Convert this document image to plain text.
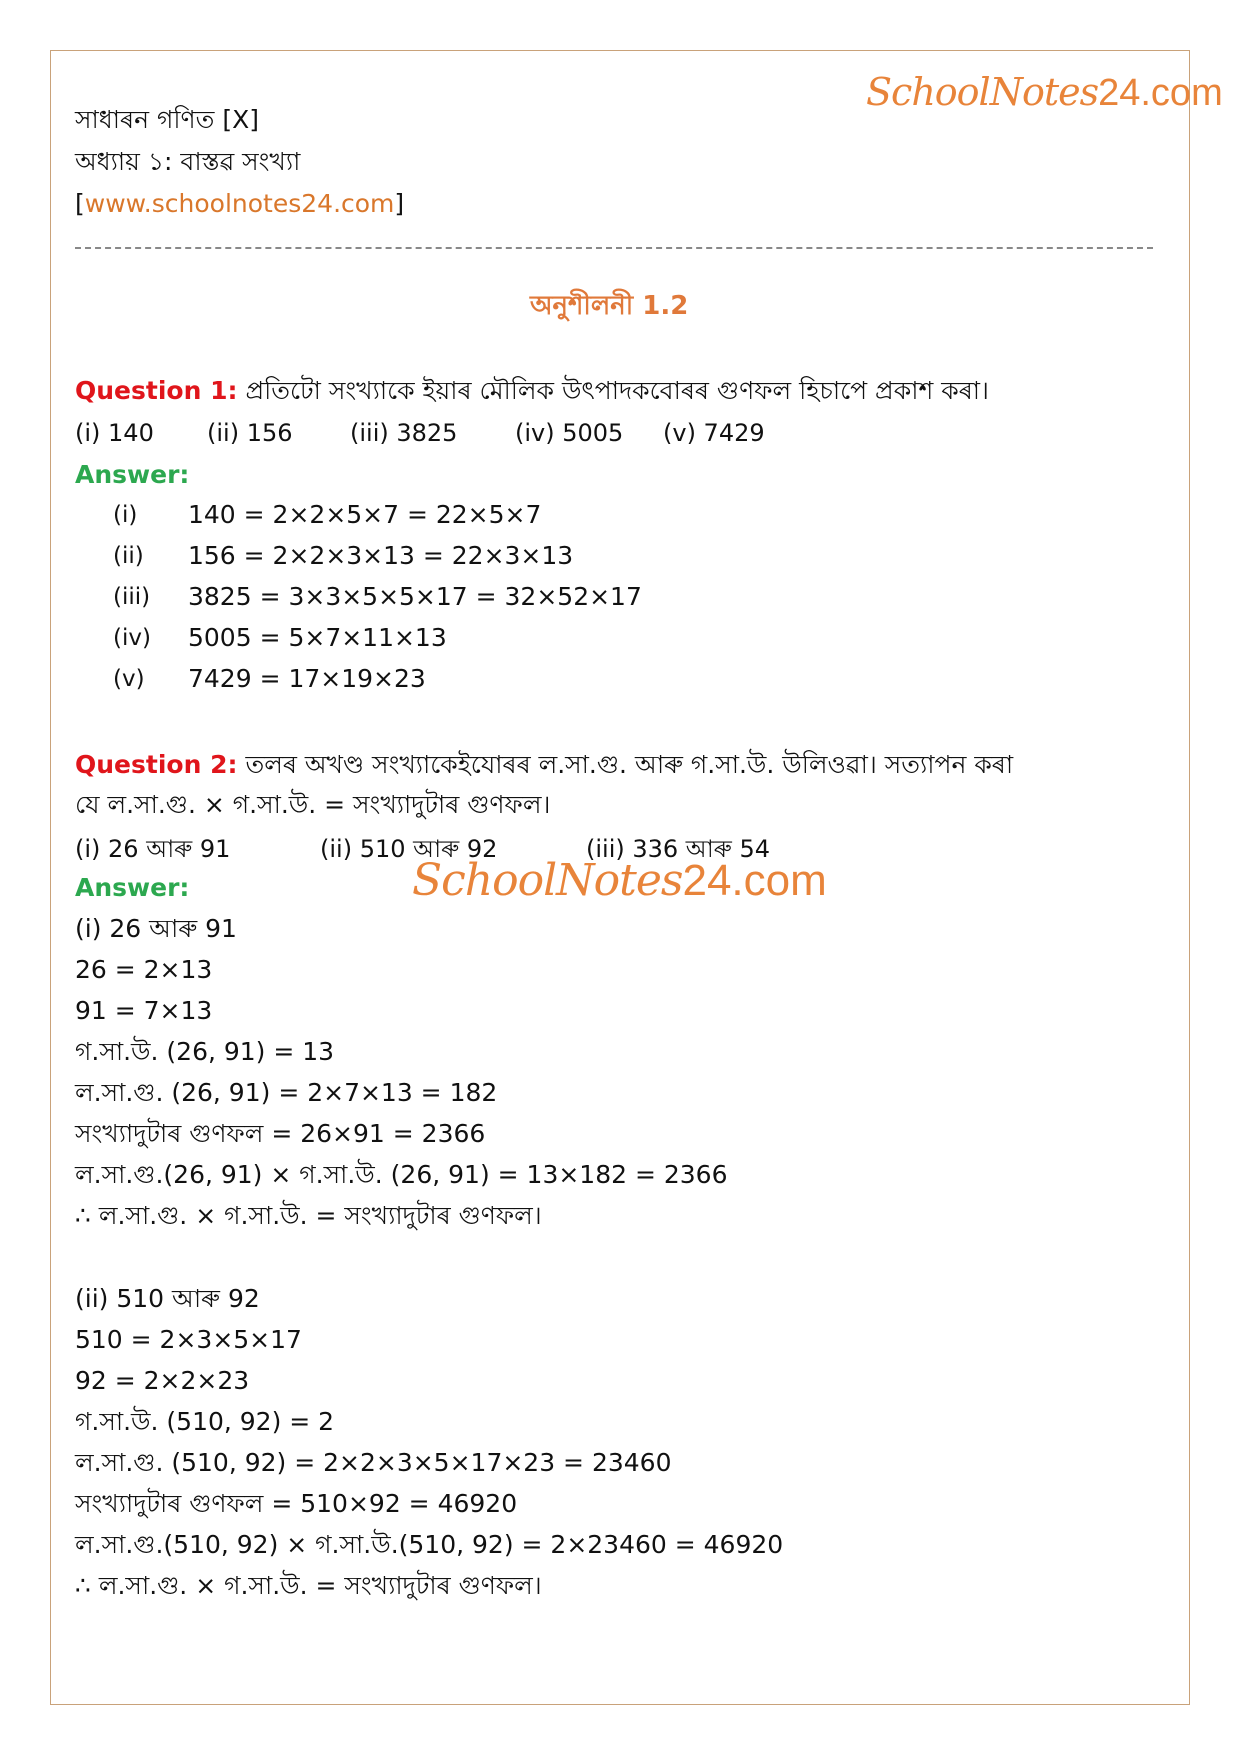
সাধাৰন গণিত [X]
অধ্যায় ১: বাস্তৱ সংখ্যা
[www.schoolnotes24.com]
SchoolNotes24.com
অনুশীলনী 1.2
Question 1: প্রতিটো সংখ্যাকে ইয়াৰ মৌলিক উৎপাদকবোৰৰ গুণফল হিচাপে প্ৰকাশ কৰা।
(i) 140 (ii) 156 (iii) 3825 (iv) 5005 (v) 7429
Answer:
(i) 140 = 2×2×5×7 = 22×5×7
(ii) 156 = 2×2×3×13 = 22×3×13
(iii) 3825 = 3×3×5×5×17 = 32×52×17
(iv) 5005 = 5×7×11×13
(v) 7429 = 17×19×23
Question 2: তলৰ অখণ্ড সংখ্যাকেইযোৰৰ ল.সা.গু. আৰু গ.সা.উ. উলিওৱা। সত্যাপন কৰা
যে ল.সা.গু. × গ.সা.উ. = সংখ্যাদুটাৰ গুণফল।
(i) 26 আৰু 91	(ii) 510 আৰু 92	(iii) 336 আৰু 54
Answer:	SchoolNotes24.com
(i) 26 আৰু 91
26 = 2×13
91 = 7×13
গ.সা.উ. (26, 91) = 13
ল.সা.গু. (26, 91) = 2×7×13 = 182
সংখ্যাদুটাৰ গুণফল = 26×91 = 2366
ল.সা.গু.(26, 91) × গ.সা.উ. (26, 91) = 13×182 = 2366
∴ ল.সা.গু. × গ.সা.উ. = সংখ্যাদুটাৰ গুণফল।
(ii) 510 আৰু 92
510 = 2×3×5×17
92 = 2×2×23
গ.সা.উ. (510, 92) = 2
ল.সা.গু. (510, 92) = 2×2×3×5×17×23 = 23460
সংখ্যাদুটাৰ গুণফল = 510×92 = 46920
ল.সা.গু.(510, 92) × গ.সা.উ.(510, 92) = 2×23460 = 46920
∴ ল.সা.গু. × গ.সা.উ. = সংখ্যাদুটাৰ গুণফল।
